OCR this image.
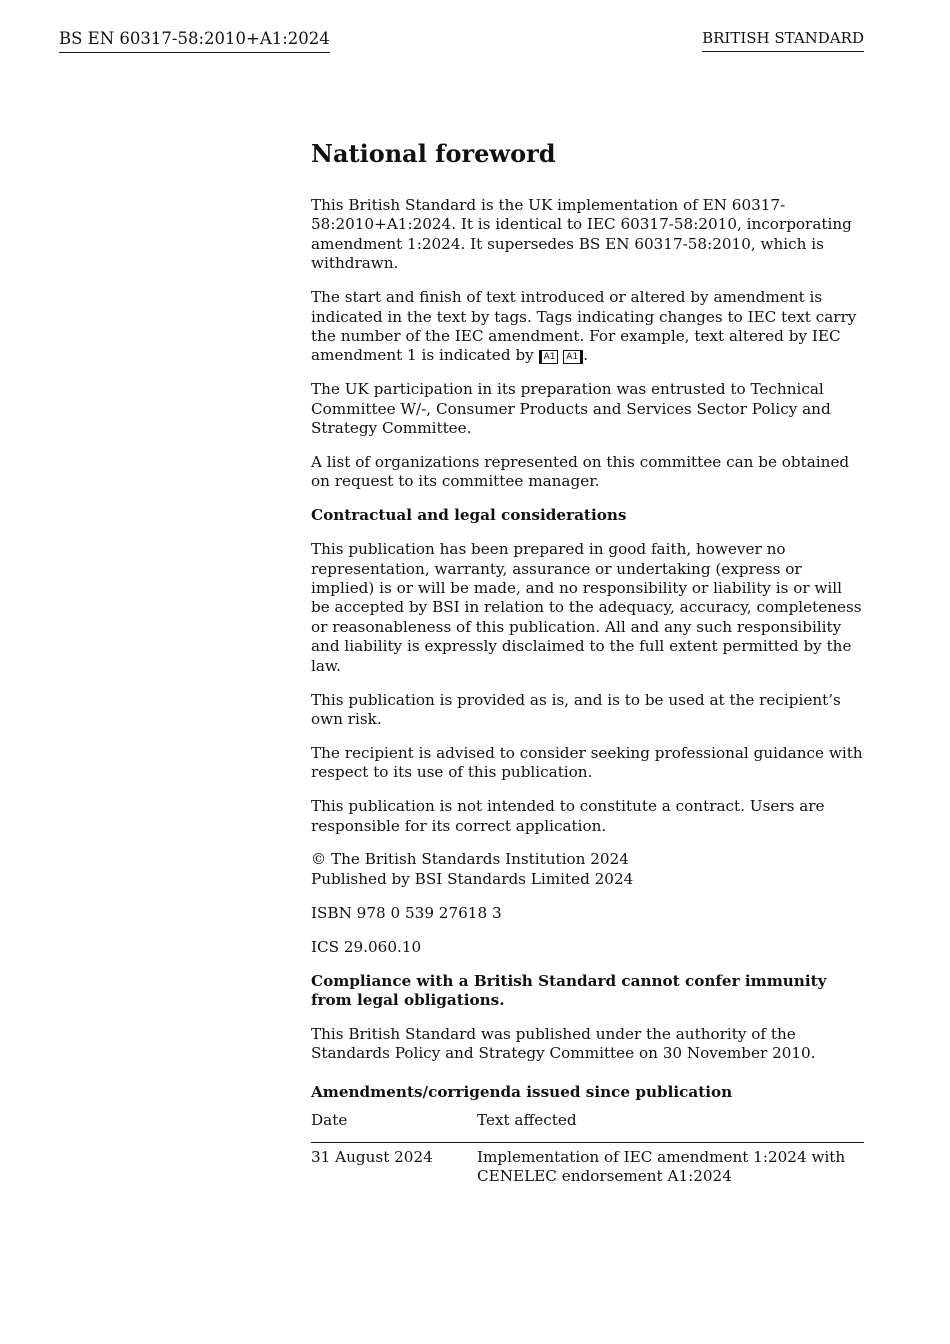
BS EN 60317-58:2010+A1:2024	BRITISH STANDARD
National foreword

This British Standard is the UK implementation of EN 60317-58:2010+A1:2024. It is identical to IEC 60317-58:2010, incorporating amendment 1:2024. It supersedes BS EN 60317-58:2010, which is withdrawn.

The start and finish of text introduced or altered by amendment is indicated in the text by tags. Tags indicating changes to IEC text carry the number of the IEC amendment. For example, text altered by IEC amendment 1 is indicated by A1 A1 .

The UK participation in its preparation was entrusted to Technical Committee W/-, Consumer Products and Services Sector Policy and Strategy Committee.

A list of organizations represented on this committee can be obtained on request to its committee manager.

Contractual and legal considerations

This publication has been prepared in good faith, however no representation, warranty, assurance or undertaking (express or implied) is or will be made, and no responsibility or liability is or will be accepted by BSI in relation to the adequacy, accuracy, completeness or reasonableness of this publication. All and any such responsibility and liability is expressly disclaimed to the full extent permitted by the law.

This publication is provided as is, and is to be used at the recipient’s own risk.

The recipient is advised to consider seeking professional guidance with respect to its use of this publication.

This publication is not intended to constitute a contract. Users are responsible for its correct application.

© The British Standards Institution 2024
Published by BSI Standards Limited 2024

ISBN 978 0 539 27618 3

ICS 29.060.10

Compliance with a British Standard cannot confer immunity from legal obligations.

This British Standard was published under the authority of the Standards Policy and Strategy Committee on 30 November 2010.

Amendments/corrigenda issued since publication
Date	Text affected
31 August 2024	Implementation of IEC amendment 1:2024 with CENELEC endorsement A1:2024
